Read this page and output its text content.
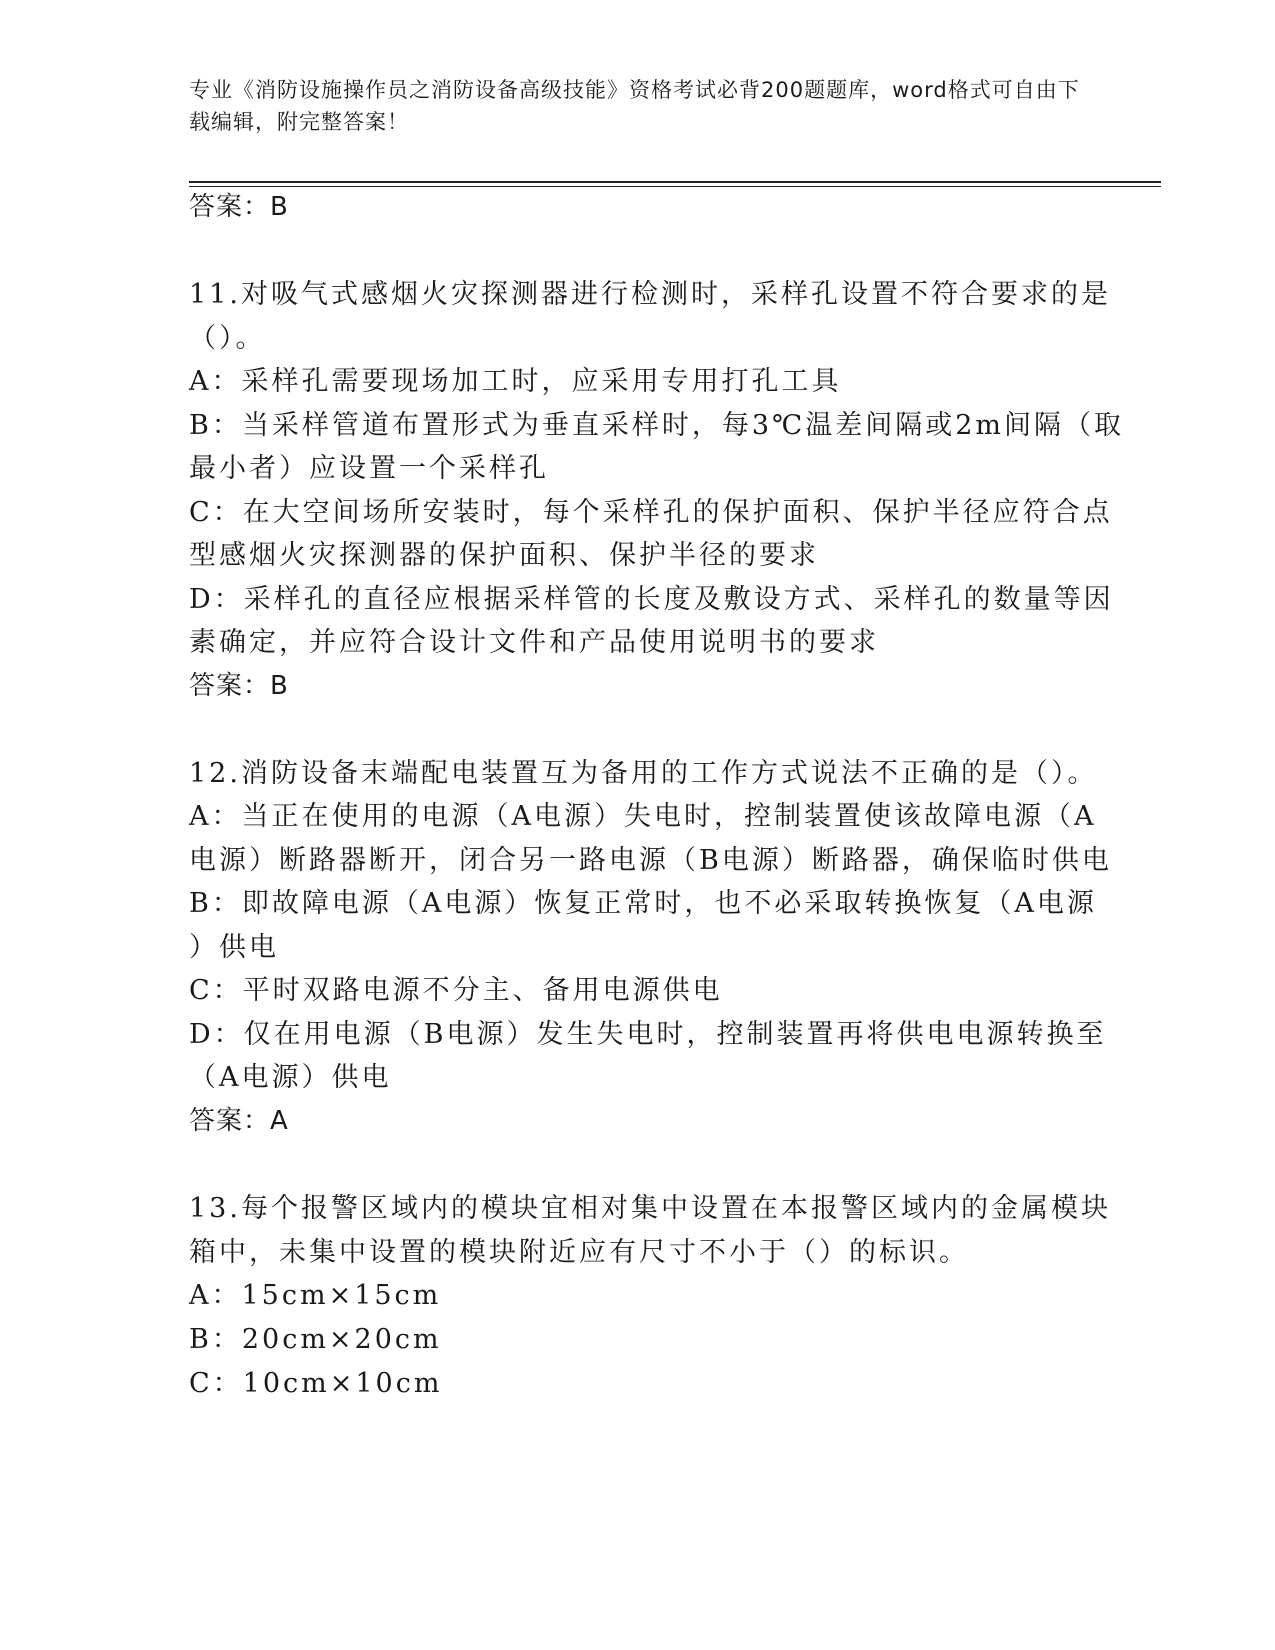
专业《消防设施操作员之消防设备高级技能》资格考试必背200题题库，word格式可自由下载编辑，附完整答案！
答案：B
11.对吸气式感烟火灾探测器进行检测时，采样孔设置不符合要求的是
（）。
A：采样孔需要现场加工时，应采用专用打孔工具
B：当采样管道布置形式为垂直采样时，每3℃温差间隔或2m间隔（取
最小者）应设置一个采样孔
C：在大空间场所安装时，每个采样孔的保护面积、保护半径应符合点
型感烟火灾探测器的保护面积、保护半径的要求
D：采样孔的直径应根据采样管的长度及敷设方式、采样孔的数量等因
素确定，并应符合设计文件和产品使用说明书的要求
答案：B
12.消防设备末端配电装置互为备用的工作方式说法不正确的是（）。
A：当正在使用的电源（A电源）失电时，控制装置使该故障电源（A
电源）断路器断开，闭合另一路电源（B电源）断路器，确保临时供电
B：即故障电源（A电源）恢复正常时，也不必采取转换恢复（A电源
）供电
C：平时双路电源不分主、备用电源供电
D：仅在用电源（B电源）发生失电时，控制装置再将供电电源转换至
（A电源）供电
答案：A
13.每个报警区域内的模块宜相对集中设置在本报警区域内的金属模块
箱中，未集中设置的模块附近应有尺寸不小于（）的标识。
A：15cm×15cm
B：20cm×20cm
C：10cm×10cm
